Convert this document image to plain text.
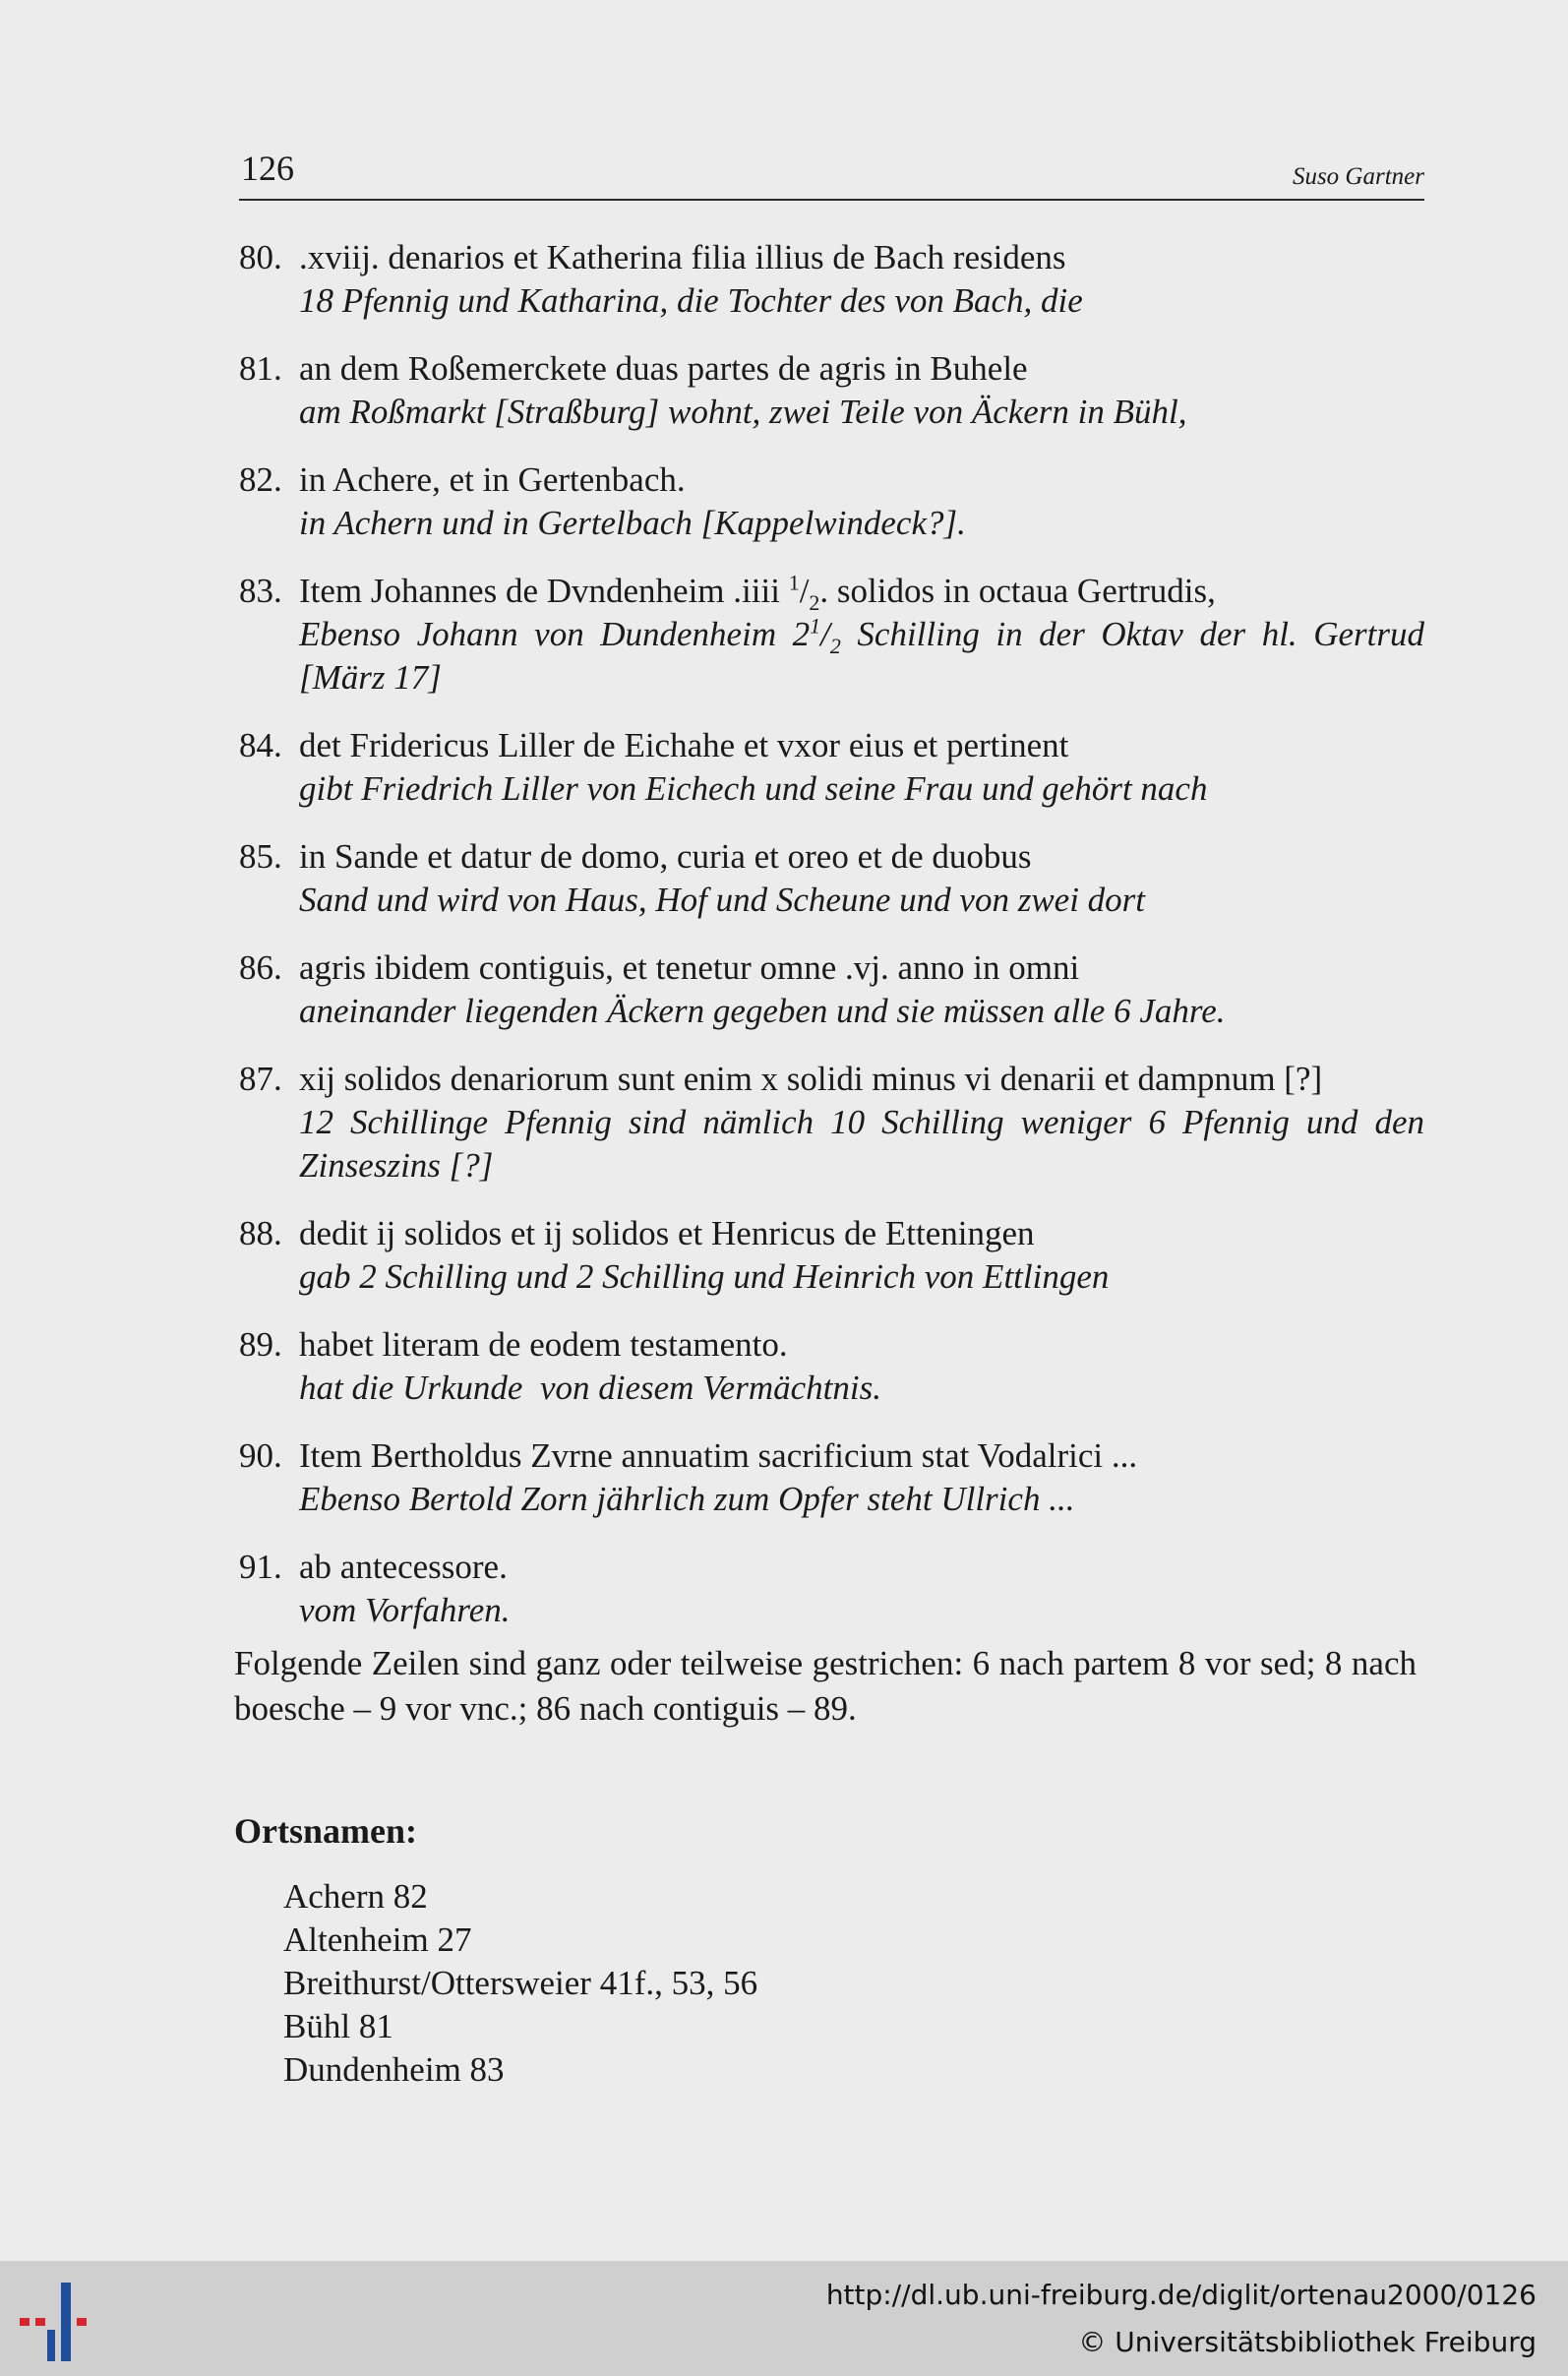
126	Suso Gartner
80. .xviij. denarios et Katherina filia illius de Bach residens
18 Pfennig und Katharina, die Tochter des von Bach, die
81. an dem Roßemerckete duas partes de agris in Buhele
am Roßmarkt [Straßburg] wohnt, zwei Teile von Äckern in Bühl,
82. in Achere, et in Gertenbach.
in Achern und in Gertelbach [Kappelwindeck?].
83. Item Johannes de Dvndenheim .iiii $^1/_2$. solidos in octaua Gertrudis,
Ebenso Johann von Dundenheim $2^1/_2$ Schilling in der Oktav der hl. Gertrud [März 17]
84. det Fridericus Liller de Eichahe et vxor eius et pertinent
gibt Friedrich Liller von Eichech und seine Frau und gehört nach
85. in Sande et datur de domo, curia et oreo et de duobus
Sand und wird von Haus, Hof und Scheune und von zwei dort
86. agris ibidem contiguis, et tenetur omne .vj. anno in omni
aneinander liegenden Äckern gegeben und sie müssen alle 6 Jahre.
87. xij solidos denariorum sunt enim x solidi minus vi denarii et dampnum [?]
12 Schillinge Pfennig sind nämlich 10 Schilling weniger 6 Pfennig und den Zinseszins [?]
88. dedit ij solidos et ij solidos et Henricus de Etteningen
gab 2 Schilling und 2 Schilling und Heinrich von Ettlingen
89. habet literam de eodem testamento.
hat die Urkunde  von diesem Vermächtnis.
90. Item Bertholdus Zvrne annuatim sacrificium stat Vodalrici ...
Ebenso Bertold Zorn jährlich zum Opfer steht Ullrich ...
91. ab antecessore.
vom Vorfahren.
Folgende Zeilen sind ganz oder teilweise gestrichen: 6 nach partem 8 vor sed; 8 nach boesche – 9 vor vnc.; 86 nach contiguis – 89.
Ortsnamen:
Achern 82
Altenheim 27
Breithurst/Ottersweier 41f., 53, 56
Bühl 81
Dundenheim 83
http://dl.ub.uni-freiburg.de/diglit/ortenau2000/0126
© Universitätsbibliothek Freiburg
